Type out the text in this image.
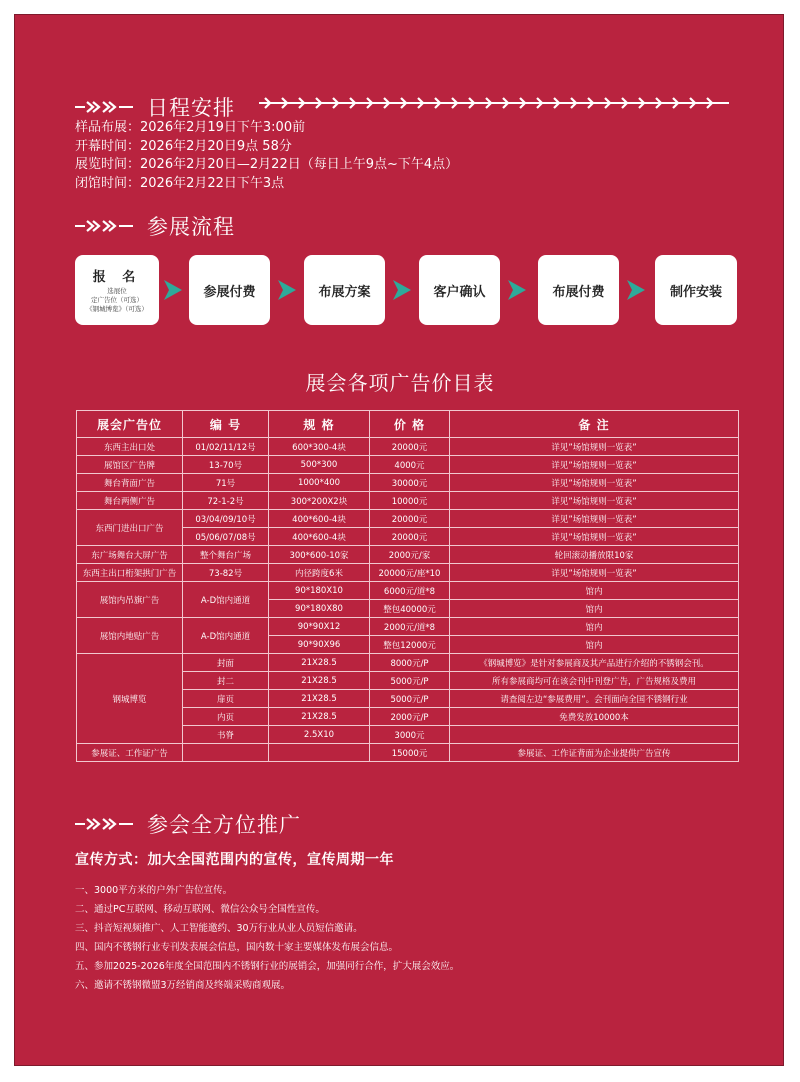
日程安排
样品布展：2026年2月19日下午3:00前
开幕时间：2026年2月20日9点 58分
展览时间：2026年2月20日—2月22日（每日上午9点~下午4点）
闭馆时间：2026年2月22日下午3点
参展流程
报 名
选展位
定广告位（可选）
《钢城博览》（可选）
参展付费	布展方案	客户确认	布展付费	制作安装
展会各项广告价目表
展会广告位	编 号	规 格	价 格	备 注
东西主出口处	01/02/11/12号	600*300-4块	20000元	详见”场馆规则一览表”
展馆区广告牌	13-70号	500*300	4000元	详见”场馆规则一览表”
舞台背面广告	71号	1000*400	30000元	详见”场馆规则一览表”
舞台两侧广告	72-1-2号	300*200X2块	10000元	详见”场馆规则一览表”
东西门进出口广告	03/04/09/10号	400*600-4块	20000元	详见”场馆规则一览表”
	05/06/07/08号	400*600-4块	20000元	详见”场馆规则一览表”
东广场舞台大屏广告	整个舞台广场	300*600-10家	2000元/家	轮回滚动播放限10家
东西主出口桁架拱门广告	73-82号	内径跨度6米	20000元/座*10	详见”场馆规则一览表”
展馆内吊旗广告	A-D馆内通道	90*180X10	6000元/道*8	馆内
		90*180X80	整包40000元	馆内
展馆内地贴广告	A-D馆内通道	90*90X12	2000元/道*8	馆内
		90*90X96	整包12000元	馆内
钢城博览	封面	21X28.5	8000元/P	《钢城博览》是针对参展商及其产品进行介绍的不锈钢会刊。
	封二	21X28.5	5000元/P	所有参展商均可在该会刊中刊登广告，广告规格及费用
	扉页	21X28.5	5000元/P	请查阅左边“参展费用”。会刊面向全国不锈钢行业
	内页	21X28.5	2000元/P	免费发放10000本
	书脊	2.5X10	3000元	
参展证、工作证广告			15000元	参展证、工作证背面为企业提供广告宣传
参会全方位推广
宣传方式：加大全国范围内的宣传，宣传周期一年
一、3000平方米的户外广告位宣传。
二、通过PC互联网、移动互联网、微信公众号全国性宣传。
三、抖音短视频推广、人工智能邀约、30万行业从业人员短信邀请。
四、国内不锈钢行业专刊发表展会信息，国内数十家主要媒体发布展会信息。
五、参加2025-2026年度全国范围内不锈钢行业的展销会，加强同行合作，扩大展会效应。
六、邀请不锈钢微盟3万经销商及终端采购商观展。
